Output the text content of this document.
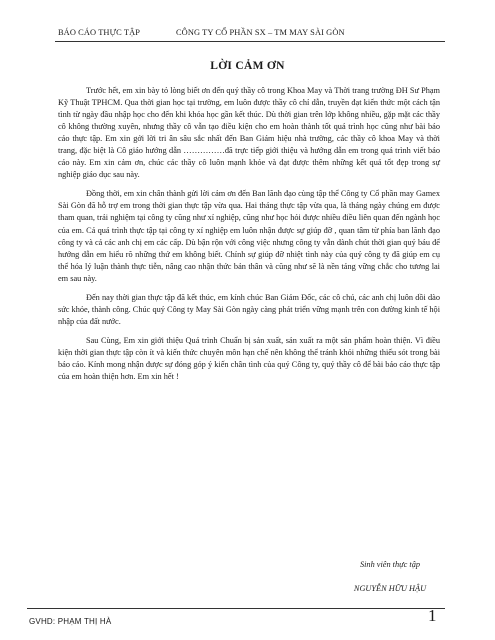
BÁO CÁO THỰC TẬP	CÔNG TY CỔ PHẦN SX – TM MAY SÀI GÒN
LỜI CẢM ƠN

Trước hết, em xin bày tỏ lòng biết ơn đến quý thầy cô trong Khoa May và Thời trang trường ĐH Sư Phạm Kỹ Thuật TPHCM. Qua thời gian học tại trường, em luôn được thầy cô chỉ dẫn, truyền đạt kiến thức một cách tận tình từ ngày đầu nhập học cho đến khi khóa học gần kết thúc. Dù thời gian trên lớp không nhiều, gặp mặt các thầy cô không thường xuyên, nhưng thầy cô vẫn tạo điều kiện cho em hoàn thành tốt quá trình học cũng như bài báo cáo thực tập. Em xin gởi lời tri ân sâu sắc nhất đến Ban Giám hiệu nhà trường, các thầy cô khoa May và thời trang, đặc biệt là Cô giáo hướng dẫn ……………đã trực tiếp giới thiệu và hướng dẫn em trong quá trình viết báo cáo này. Em xin cảm ơn, chúc các thầy cô luôn mạnh khỏe và đạt được thêm những kết quả tốt đẹp trong sự nghiệp giáo dục sau này.

Đồng thời, em xin chân thành gửi lời cảm ơn đến Ban lãnh đạo cùng tập thể Công ty Cổ phần may Gamex Sài Gòn đã hỗ trợ em trong thời gian thực tập vừa qua. Hai tháng thực tập vừa qua, là tháng ngày chúng em được tham quan, trải nghiệm tại công ty cũng như xí nghiệp, cũng như học hỏi được nhiều điều liên quan đến ngành học của em. Cả quá trình thực tập tại công ty xí nghiệp em luôn nhận được sự giúp đỡ , quan tâm từ phía ban lãnh đạo công ty và cả các anh chị em các cấp. Dù bận rộn với công việc nhưng công ty vẫn dành chút thời gian quý báu để hướng dẫn em hiểu rõ những thứ em không biết. Chính sự giúp đỡ nhiệt tình này của quý công ty đã giúp em cụ thể hóa lý luận thành thực tiễn, nâng cao nhận thức bản thân và cũng như sẽ là nền tảng vững chắc cho tương lai em sau này.

Đến nay thời gian thực tập đã kết thúc, em kính chúc Ban Giám Đốc, các cô chú, các anh chị luôn dồi dào sức khỏe, thành công. Chúc quý Công ty May Sài Gòn ngày càng phát triển vững mạnh trên con đường kinh tế hội nhập của đất nước.

Sau Cùng, Em xin giới thiệu Quá trình Chuẩn bị sản xuất, sản xuất ra một sản phẩm hoàn thiện. Vì điều kiện thời gian thực tập còn ít và kiến thức chuyên môn hạn chế nên không thể tránh khỏi những thiếu sót trong bài báo cáo. Kính mong nhận được sự đóng góp ý kiến chân tình của quý Công ty, quý thầy cô để bài báo cáo thực tập của em hoàn thiện hơn. Em xin hết !

Sinh viên thực tập
NGUYỄN HỮU HẬU
GVHD: PHẠM THỊ HÀ	1
